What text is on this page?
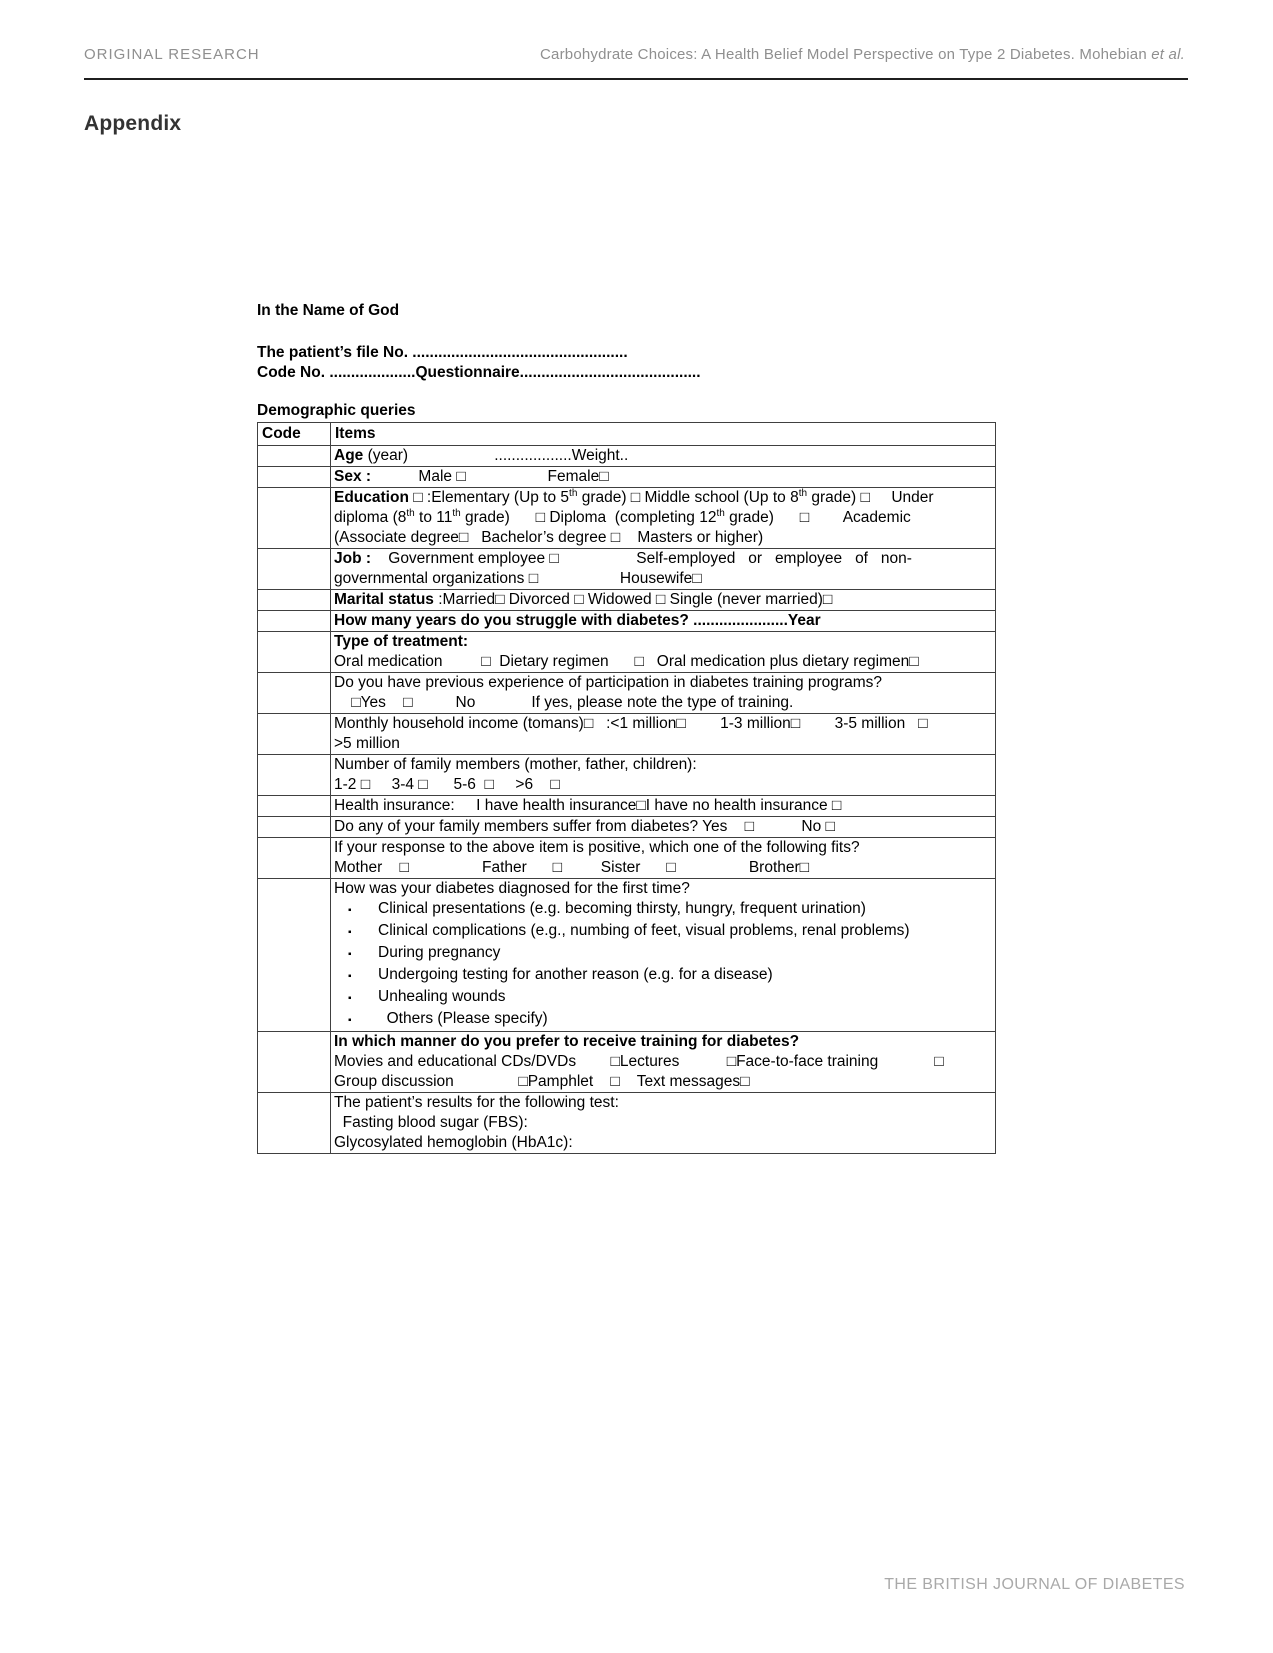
ORIGINAL RESEARCH	Carbohydrate Choices: A Health Belief Model Perspective on Type 2 Diabetes. Mohebian et al.
Appendix

In the Name of God

The patient’s file No. ..................................................

Code No. ....................Questionnaire..........................................

Demographic queries

Code	Items

	Age (year)                    ..................Weight..

	Sex :           Male □                   Female□

	Education □ :Elementary (Up to 5th grade) □ Middle school (Up to 8th grade) □     Under
diploma (8th to 11th grade)      □ Diploma  (completing 12th grade)      □        Academic
(Associate degree□   Bachelor’s degree □    Masters or higher)

	Job :    Government employee □                  Self-employed   or   employee   of   non-
governmental organizations □                   Housewife□

	Marital status :Married□ Divorced □ Widowed □ Single (never married)□

	How many years do you struggle with diabetes? ......................Year

	Type of treatment:
Oral medication         □  Dietary regimen      □   Oral medication plus dietary regimen□

	Do you have previous experience of participation in diabetes training programs?
□Yes    □          No             If yes, please note the type of training.

	Monthly household income (tomans)□   :<1 million□        1-3 million□        3-5 million   □
>5 million

	Number of family members (mother, father, children):
1-2 □     3-4 □      5-6  □     >6    □

	Health insurance:     I have health insurance□I have no health insurance □

	Do any of your family members suffer from diabetes? Yes    □           No □

	If your response to the above item is positive, which one of the following fits?
Mother    □                 Father      □         Sister      □                 Brother□

How was your diabetes diagnosed for the first time?
▪ Clinical presentations (e.g. becoming thirsty, hungry, frequent urination)
▪ Clinical complications (e.g., numbing of feet, visual problems, renal problems)
▪ During pregnancy
▪ Undergoing testing for another reason (e.g. for a disease)
▪ Unhealing wounds
▪  Others (Please specify)

	In which manner do you prefer to receive training for diabetes?
Movies and educational CDs/DVDs        □Lectures           □Face-to-face training             □
Group discussion               □Pamphlet    □    Text messages□

	The patient’s results for the following test:
Fasting blood sugar (FBS):
Glycosylated hemoglobin (HbA1c):
THE BRITISH JOURNAL OF DIABETES
